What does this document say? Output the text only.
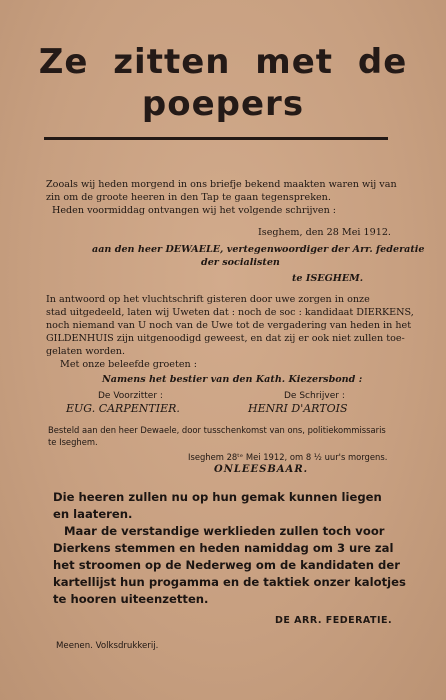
Ze zitten met de
poepers
Zooals wij heden morgend in ons briefje bekend maakten waren wij van
zin om de groote heeren in den Tap te gaan tegenspreken.
Heden voormiddag ontvangen wij het volgende schrijven :
Iseghem, den 28 Mei 1912.
aan den heer DEWAELE, vertegenwoordiger der Arr. federatie
der socialisten
te ISEGHEM.
In antwoord op het vluchtschrift gisteren door uwe zorgen in onze
stad uitgedeeld, laten wij Uweten dat : noch de soc : kandidaat DIERKENS,
noch niemand van U noch van de Uwe tot de vergadering van heden in het
GILDENHUIS zijn uitgenoodigd geweest, en dat zij er ook niet zullen toe-
gelaten worden.
Met onze beleefde groeten :
Namens het bestier van den Kath. Kiezersbond :
De Voorzitter :
EUG. CARPENTIER.
De Schrijver :
HENRI D'ARTOIS
Besteld aan den heer Dewaele, door tusschenkomst van ons, politiekommissaris
te Iseghem.
Iseghem 28ᵗᵉ Mei 1912, om 8 ½ uur's morgens.
ONLEESBAAR.
Die heeren zullen nu op hun gemak kunnen liegen
en laateren.
Maar de verstandige werklieden zullen toch voor
Dierkens stemmen en heden namiddag om 3 ure zal
het stroomen op de Nederweg om de kandidaten der
kartellijst hun progamma en de taktiek onzer kalotjes
te hooren uiteenzetten.
DE ARR. FEDERATIE.
Meenen. Volksdrukkerij.
